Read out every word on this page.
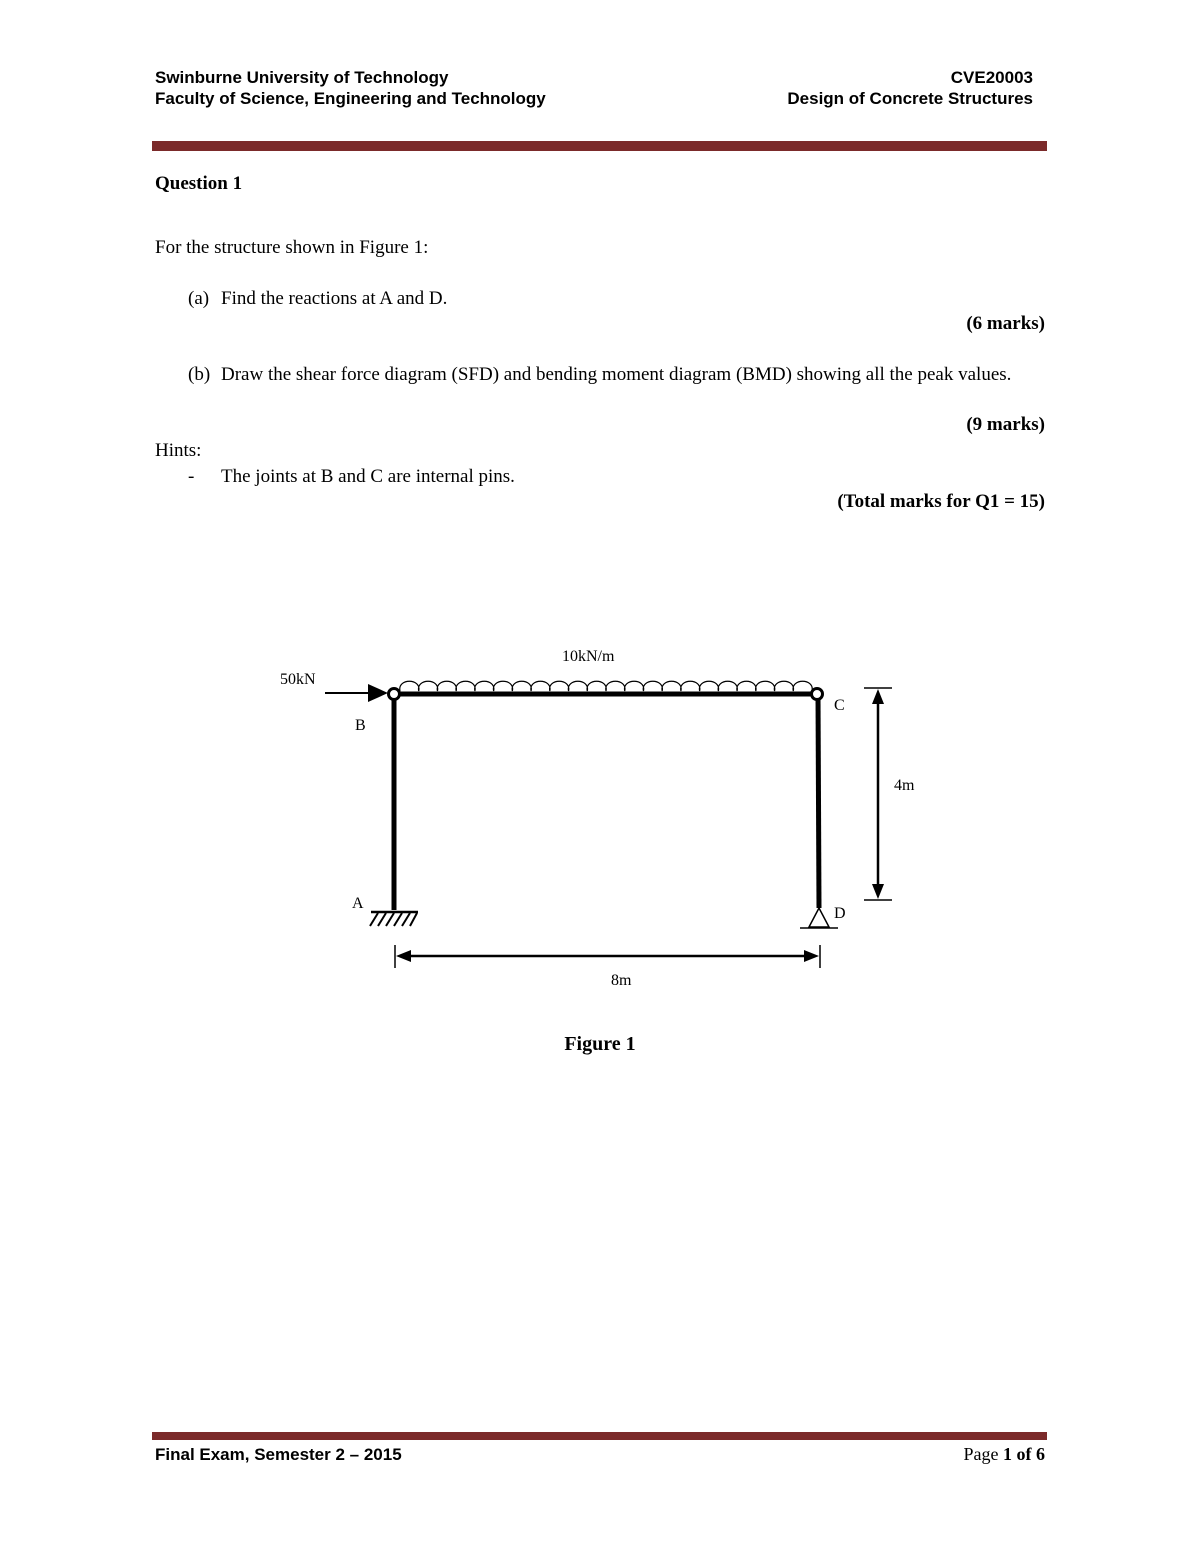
Swinburne University of Technology
Faculty of Science, Engineering and Technology
CVE20003
Design of Concrete Structures
Question 1
For the structure shown in Figure 1:
(a) Find the reactions at A and D.
(6 marks)
(b) Draw the shear force diagram (SFD) and bending moment diagram (BMD) showing all the peak values.
(9 marks)
Hints:
- The joints at B and C are internal pins.
(Total marks for Q1 = 15)
50kN
10kN/m
B
C
A
D
4m
8m
Figure 1
Final Exam, Semester 2 – 2015	Page 1 of 6
